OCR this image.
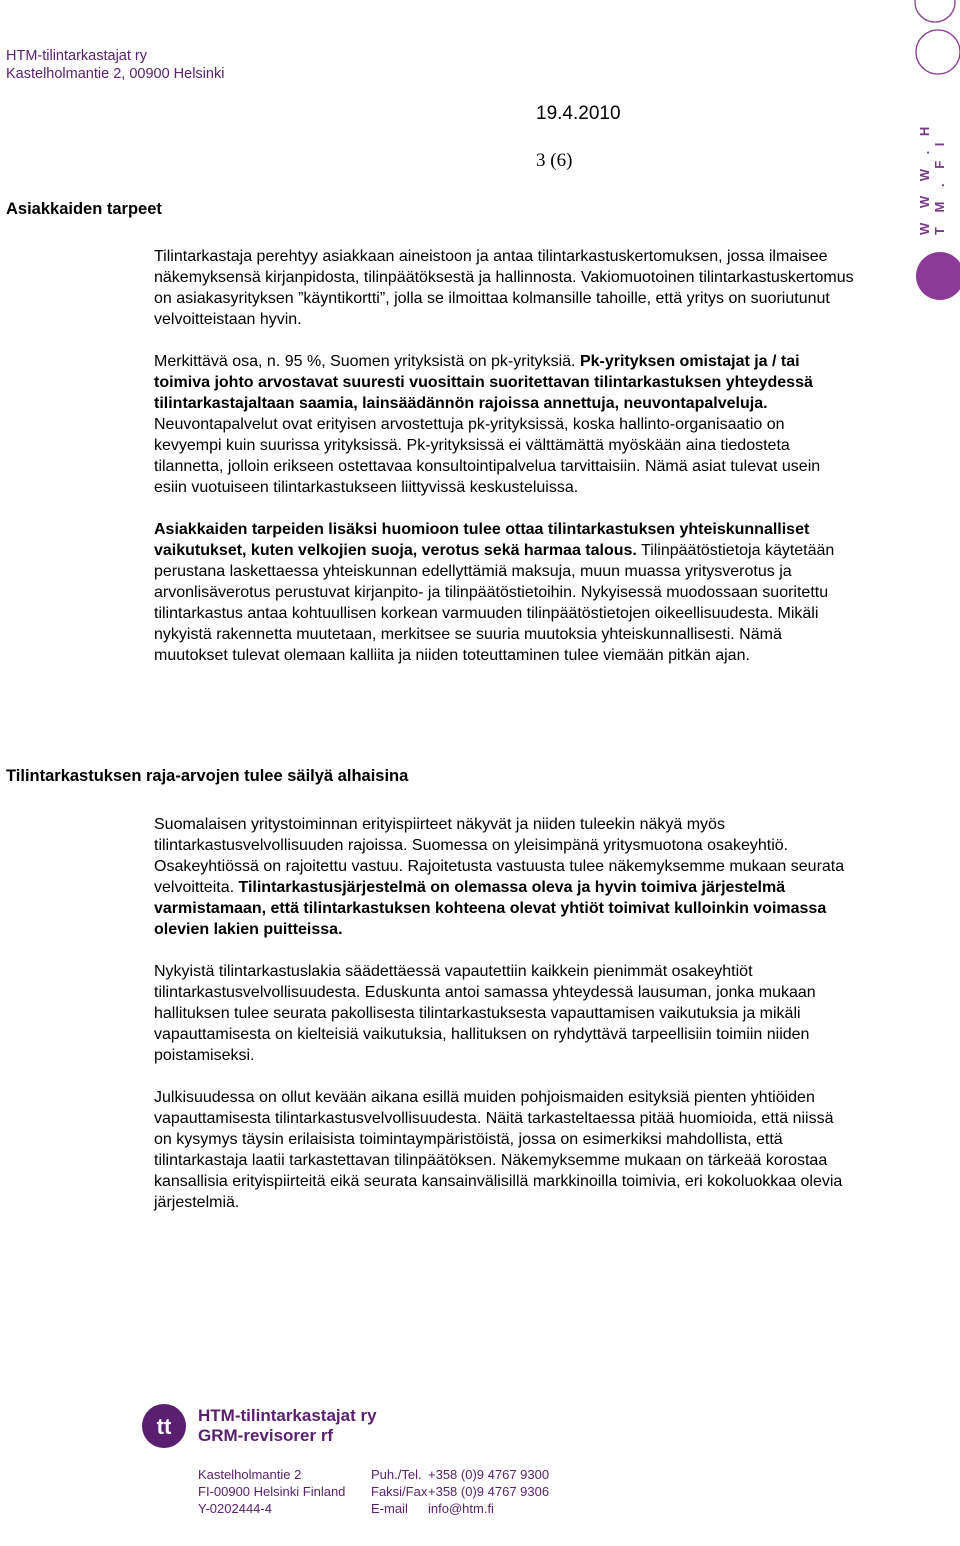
HTM-tilintarkastajat ry
Kastelholmantie 2, 00900 Helsinki
19.4.2010
3 (6)	W W W . H T M . F I
Asiakkaiden tarpeet

Tilintarkastaja perehtyy asiakkaan aineistoon ja antaa tilintarkastuskertomuksen, jossa ilmaisee näkemyksensä kirjanpidosta, tilinpäätöksestä ja hallinnosta. Vakiomuotoinen tilintarkastuskertomus on asiakasyrityksen ”käyntikortti”, jolla se ilmoittaa kolmansille tahoille, että yritys on suoriutunut velvoitteistaan hyvin.

Merkittävä osa, n. 95 %, Suomen yrityksistä on pk-yrityksiä. Pk-yrityksen omistajat ja / tai toimiva johto arvostavat suuresti vuosittain suoritettavan tilintarkastuksen yhteydessä tilintarkastajaltaan saamia, lainsäädännön rajoissa annettuja, neuvontapalveluja. Neuvontapalvelut ovat erityisen arvostettuja pk-yrityksissä, koska hallinto-organisaatio on kevyempi kuin suurissa yrityksissä. Pk-yrityksissä ei välttämättä myöskään aina tiedosteta tilannetta, jolloin erikseen ostettavaa konsultointipalvelua tarvittaisiin. Nämä asiat tulevat usein esiin vuotuiseen tilintarkastukseen liittyvissä keskusteluissa.

Asiakkaiden tarpeiden lisäksi huomioon tulee ottaa tilintarkastuksen yhteiskunnalliset vaikutukset, kuten velkojien suoja, verotus sekä harmaa talous. Tilinpäätöstietoja käytetään perustana laskettaessa yhteiskunnan edellyttämiä maksuja, muun muassa yritysverotus ja arvonlisäverotus perustuvat kirjanpito- ja tilinpäätöstietoihin. Nykyisessä muodossaan suoritettu tilintarkastus antaa kohtuullisen korkean varmuuden tilinpäätöstietojen oikeellisuudesta. Mikäli nykyistä rakennetta muutetaan, merkitsee se suuria muutoksia yhteiskunnallisesti. Nämä muutokset tulevat olemaan kalliita ja niiden toteuttaminen tulee viemään pitkän ajan.

Tilintarkastuksen raja-arvojen tulee säilyä alhaisina

Suomalaisen yritystoiminnan erityispiirteet näkyvät ja niiden tuleekin näkyä myös tilintarkastusvelvollisuuden rajoissa. Suomessa on yleisimpänä yritysmuotona osakeyhtiö. Osakeyhtiössä on rajoitettu vastuu. Rajoitetusta vastuusta tulee näkemyksemme mukaan seurata velvoitteita. Tilintarkastusjärjestelmä on olemassa oleva ja hyvin toimiva järjestelmä varmistamaan, että tilintarkastuksen kohteena olevat yhtiöt toimivat kulloinkin voimassa olevien lakien puitteissa.

Nykyistä tilintarkastuslakia säädettäessä vapautettiin kaikkein pienimmät osakeyhtiöt tilintarkastusvelvollisuudesta. Eduskunta antoi samassa yhteydessä lausuman, jonka mukaan hallituksen tulee seurata pakollisesta tilintarkastuksesta vapauttamisen vaikutuksia ja mikäli vapauttamisesta on kielteisiä vaikutuksia, hallituksen on ryhdyttävä tarpeellisiin toimiin niiden poistamiseksi.

Julkisuudessa on ollut kevään aikana esillä muiden pohjoismaiden esityksiä pienten yhtiöiden vapauttamisesta tilintarkastusvelvollisuudesta. Näitä tarkasteltaessa pitää huomioida, että niissä on kysymys täysin erilaisista toimintaympäristöistä, jossa on esimerkiksi mahdollista, että tilintarkastaja laatii tarkastettavan tilinpäätöksen. Näkemyksemme mukaan on tärkeää korostaa kansallisia erityispiirteitä eikä seurata kansainvälisillä markkinoilla toimivia, eri kokoluokkaa olevia järjestelmiä.

tt HTM-tilintarkastajat ry
GRM-revisorer rf
Kastelholmantie 2
FI-00900 Helsinki Finland
Y-0202444-4
Puh./Tel.
Faksi/Fax
E-mail
+358 (0)9 4767 9300
+358 (0)9 4767 9306
info@htm.fi
